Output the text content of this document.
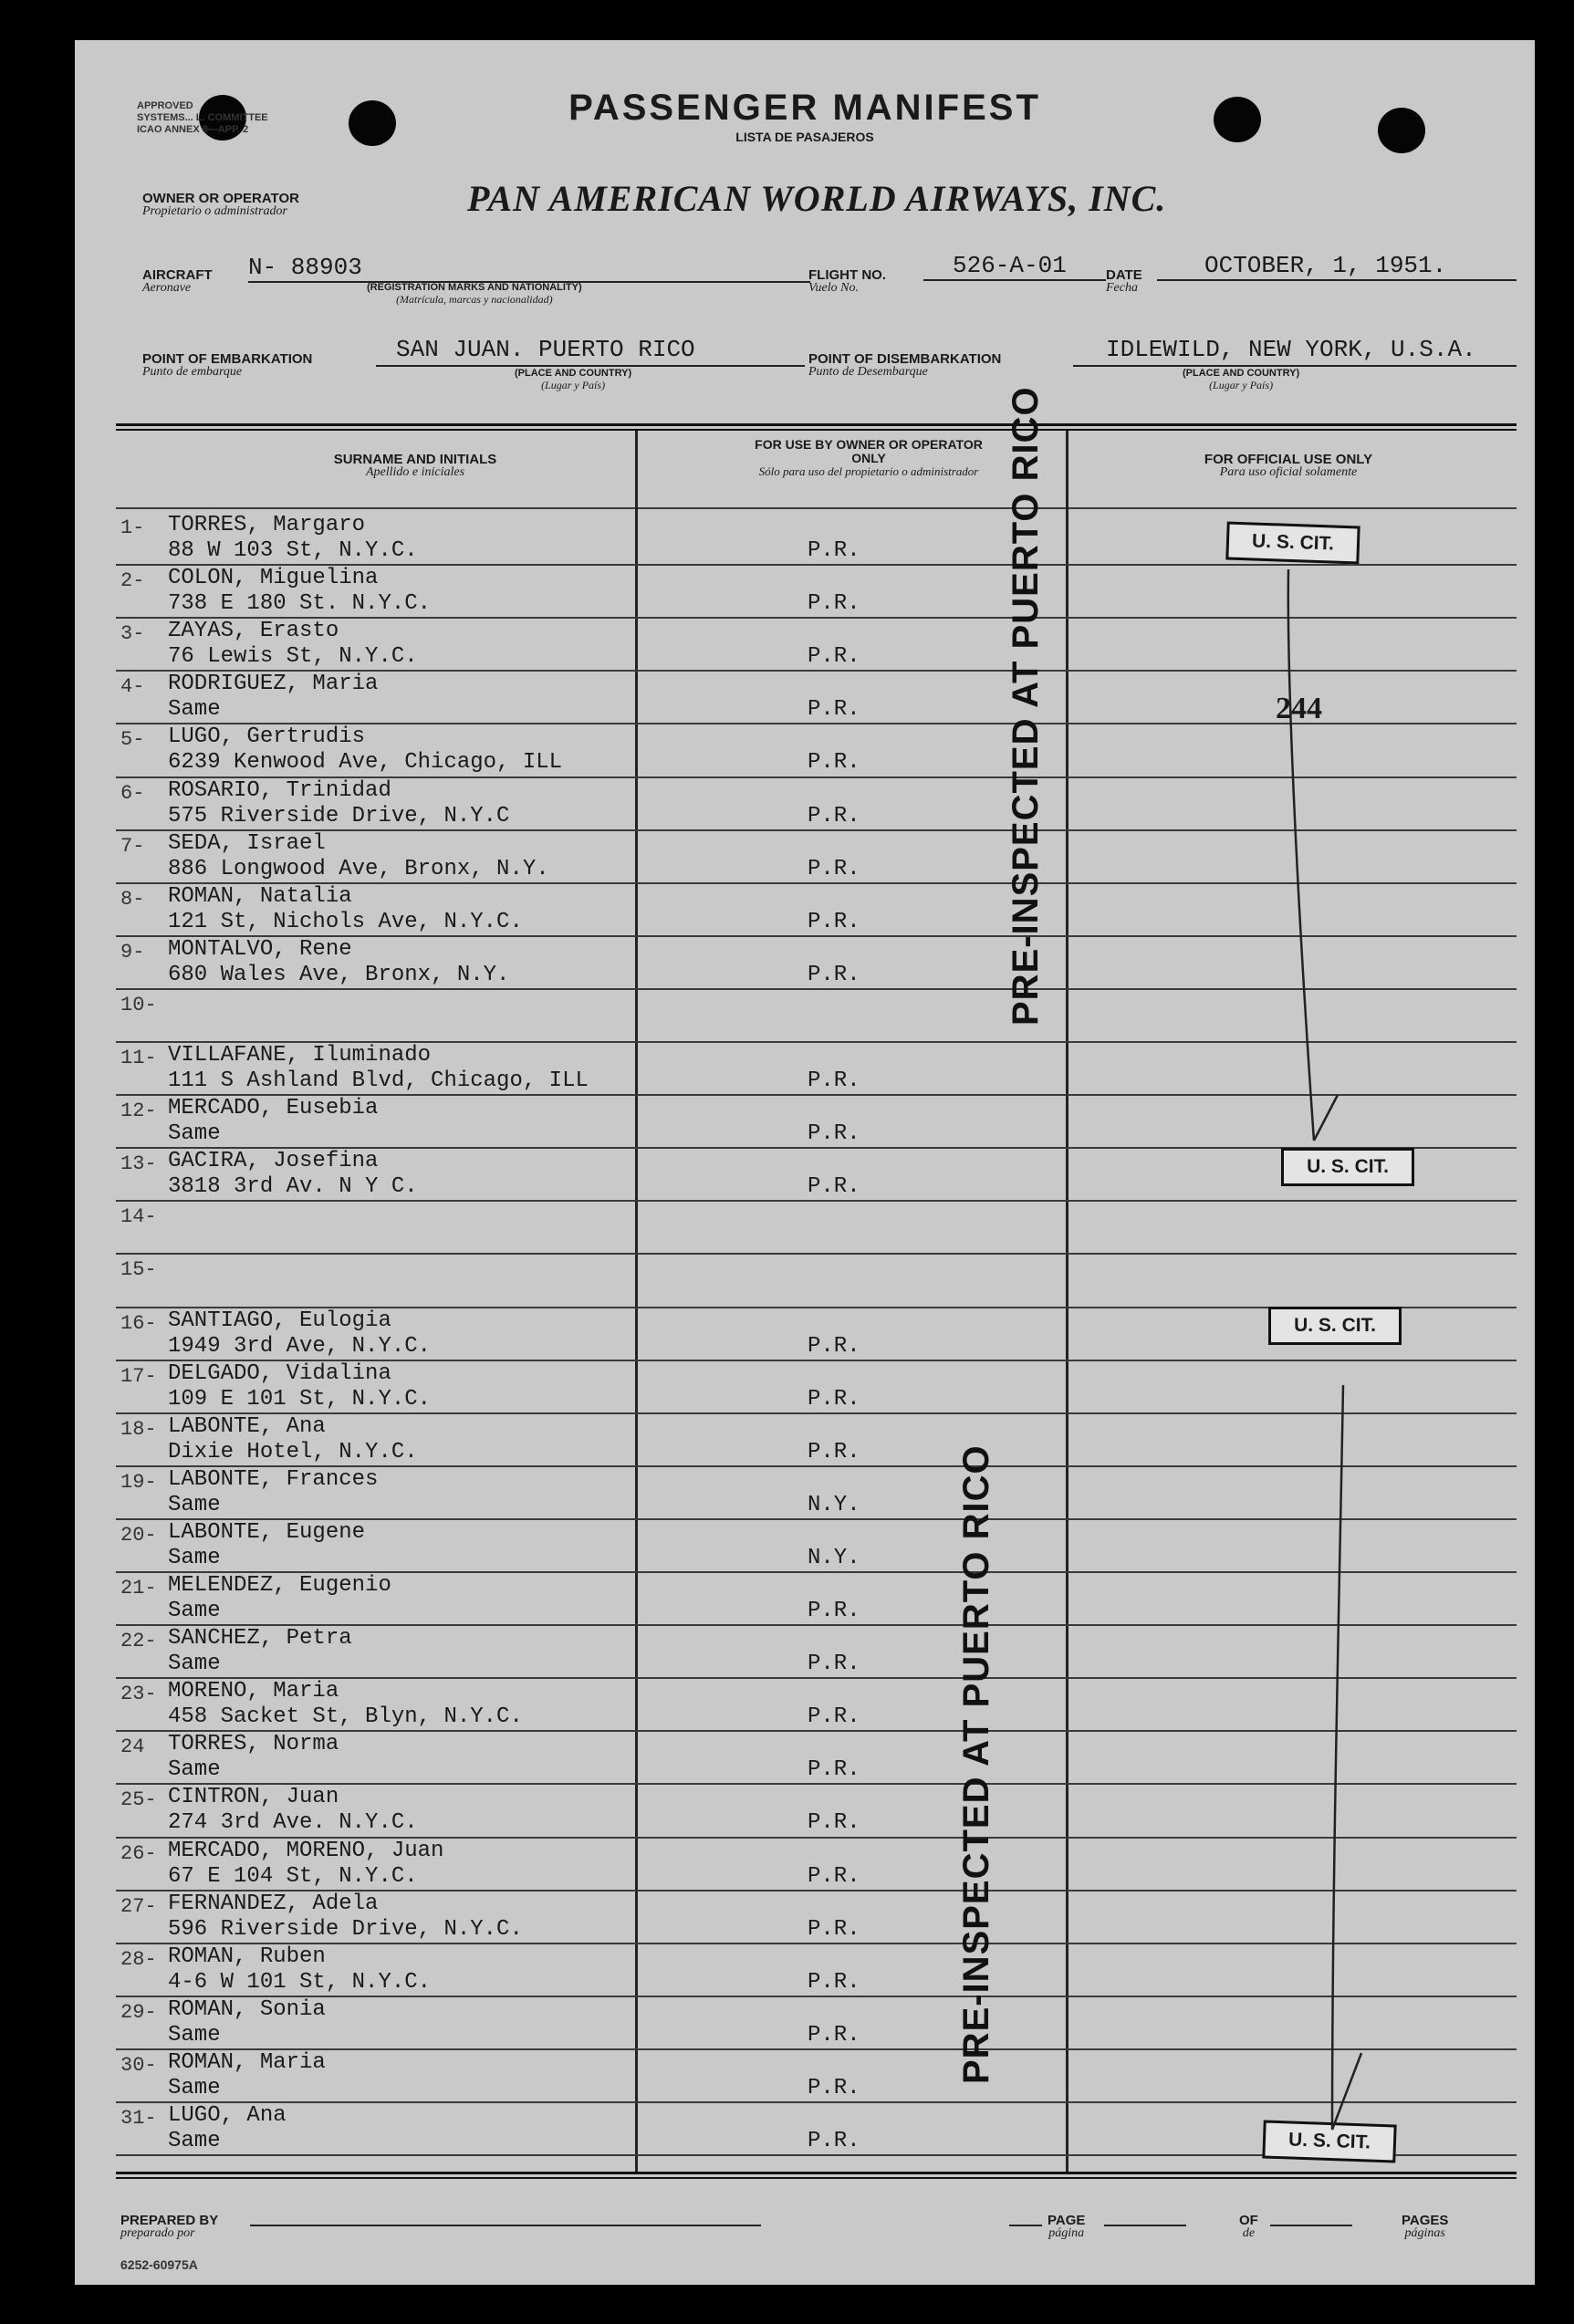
APPROVED
SYSTEMS... L. COMMITTEE
ICAO ANNEX 9—APP. 2
PASSENGER MANIFEST
LISTA DE PASAJEROS
OWNER OR OPERATOR
Propietario o administrador	PAN AMERICAN WORLD AIRWAYS, INC.
AIRCRAFT
Aeronave
N- 88903
(REGISTRATION MARKS AND NATIONALITY)
(Matrícula, marcas y nacionalidad)
FLIGHT NO.
Vuelo No.
526-A-01	DATE
Fecha
OCTOBER, 1, 1951.
POINT OF EMBARKATION
Punto de embarque
SAN JUAN. PUERTO RICO
(PLACE AND COUNTRY)
(Lugar y País)
POINT OF DISEMBARKATION
Punto de Desembarque
IDLEWILD, NEW YORK, U.S.A.
(PLACE AND COUNTRY)
(Lugar y País)
SURNAME AND INITIALS
Apellido e iniciales
FOR USE BY OWNER OR OPERATOR ONLY
Sólo para uso del propietario o administrador
FOR OFFICIAL USE ONLY
Para uso oficial solamente
1- TORRES, Margaro
88 W 103 St, N.Y.C.	P.R.
2- COLON, Miguelina
738 E 180 St. N.Y.C.	P.R.
3- ZAYAS, Erasto
76 Lewis St, N.Y.C.	P.R.
4- RODRIGUEZ, Maria
Same	P.R.
5- LUGO, Gertrudis
6239 Kenwood Ave, Chicago, ILL	P.R.
6- ROSARIO, Trinidad
575 Riverside Drive, N.Y.C	P.R.
7- SEDA, Israel
886 Longwood Ave, Bronx, N.Y.	P.R.
8- ROMAN, Natalia
121 St, Nichols Ave, N.Y.C.	P.R.
9- MONTALVO, Rene
680 Wales Ave, Bronx, N.Y.	P.R.
10-
11- VILLAFANE, Iluminado
111 S Ashland Blvd, Chicago, ILL	P.R.
12- MERCADO, Eusebia
Same	P.R.
13- GACIRA, Josefina
3818 3rd Av. N Y C.	P.R.
14-
15-
16- SANTIAGO, Eulogia
1949 3rd Ave, N.Y.C.	P.R.
17- DELGADO, Vidalina
109 E 101 St, N.Y.C.	P.R.
18- LABONTE, Ana
Dixie Hotel, N.Y.C.	P.R.
19- LABONTE, Frances
Same	N.Y.
20- LABONTE, Eugene
Same	N.Y.
21- MELENDEZ, Eugenio
Same	P.R.
22- SANCHEZ, Petra
Same	P.R.
23- MORENO, Maria
458 Sacket St, Blyn, N.Y.C.	P.R.
24 TORRES, Norma
Same	P.R.
25- CINTRON, Juan
274 3rd Ave. N.Y.C.	P.R.
26- MERCADO, MORENO, Juan
67 E 104 St, N.Y.C.	P.R.
27- FERNANDEZ, Adela
596 Riverside Drive, N.Y.C.	P.R.
28- ROMAN, Ruben
4-6 W 101 St, N.Y.C.	P.R.
29- ROMAN, Sonia
Same	P.R.
30- ROMAN, Maria
Same	P.R.
31- LUGO, Ana
Same	P.R.
PRE-INSPECTED AT PUERTO RICO
PRE-INSPECTED AT PUERTO RICO
U. S. CIT.
U. S. CIT.
U. S. CIT.
U. S. CIT.
244
PREPARED BY
preparado por
PAGE
página
OF
de
PAGES
páginas
6252-60975A
